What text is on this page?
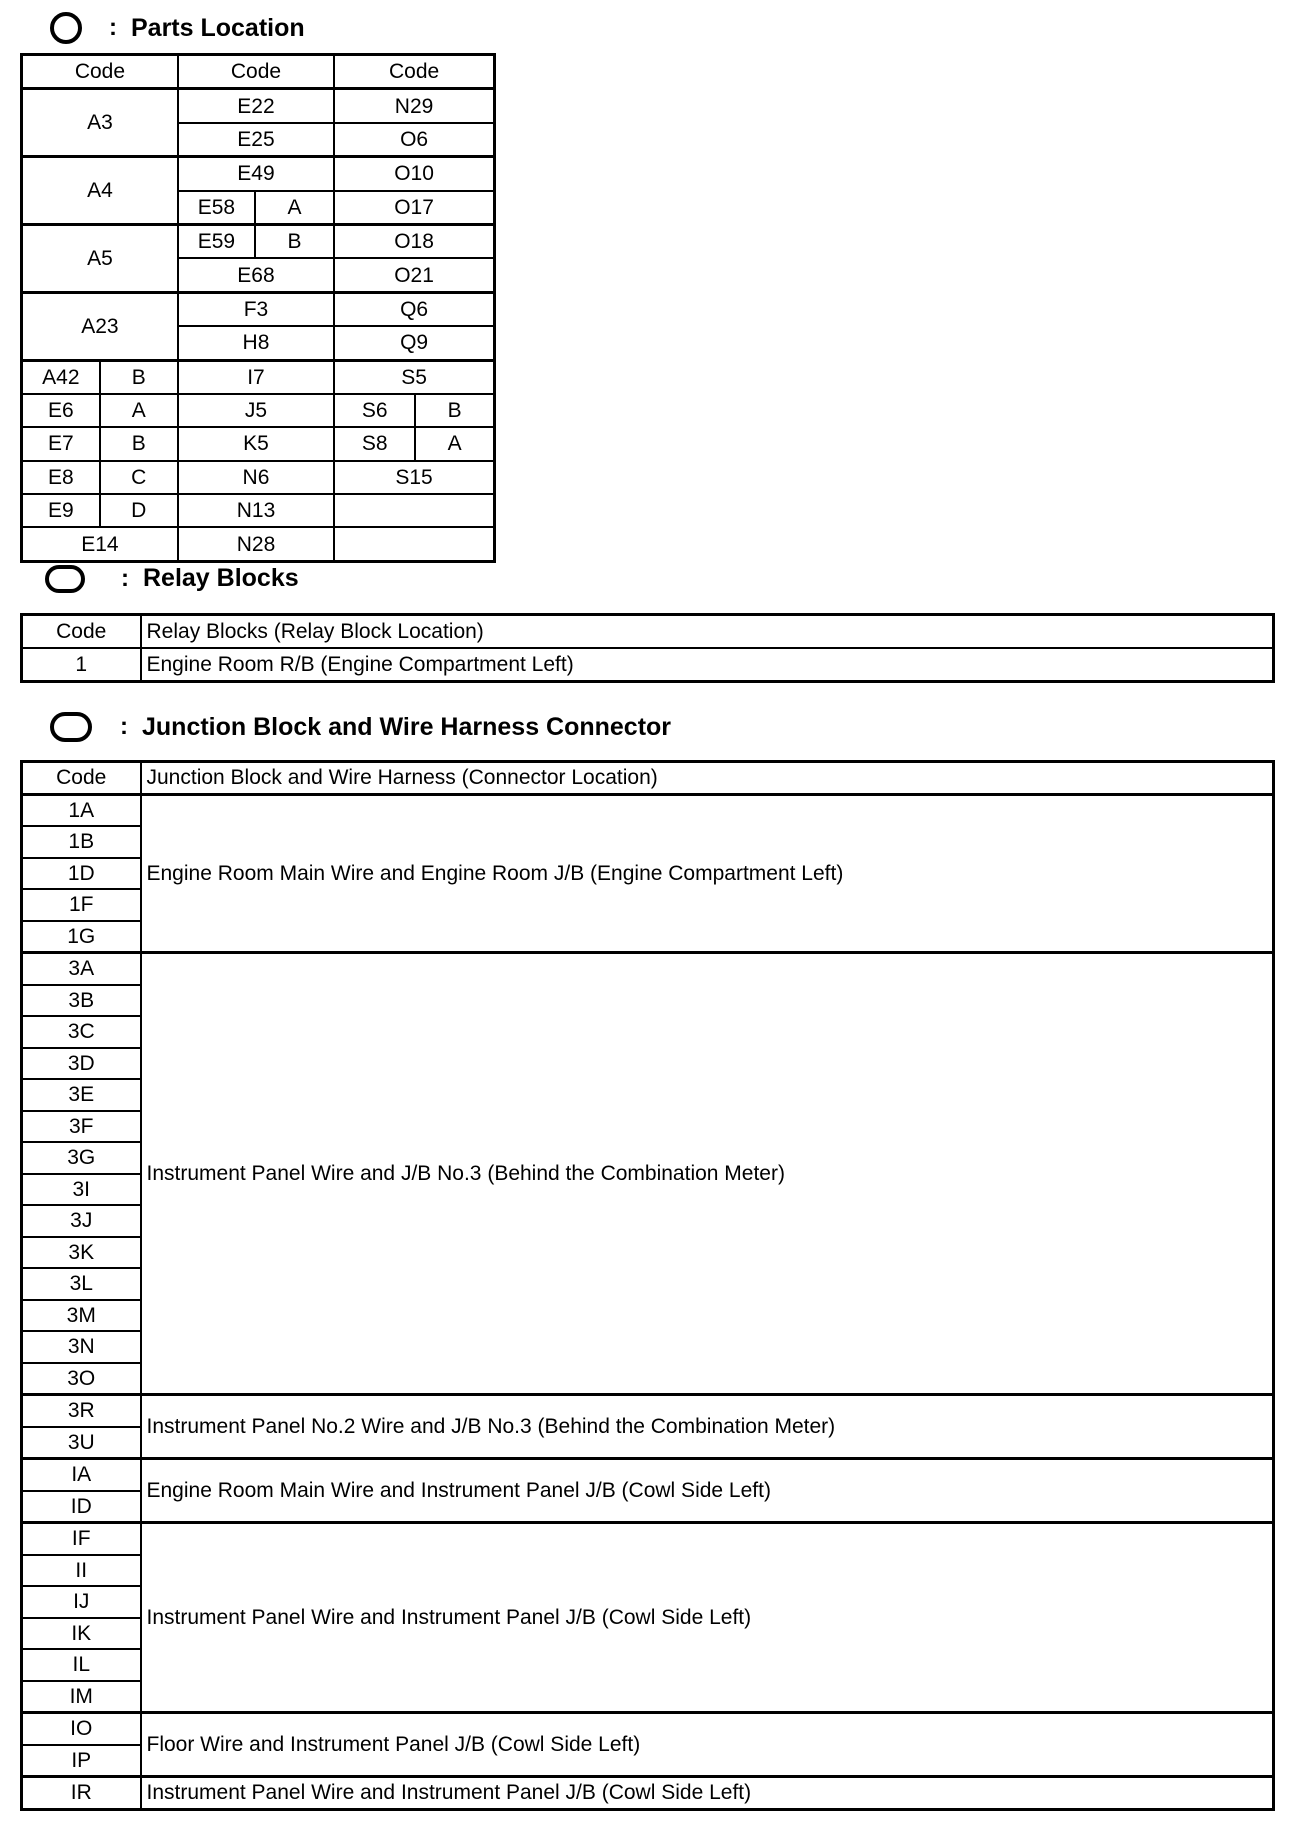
: Parts Location
Code		Code		Code	
A3		E22		N29	
		E25		O6	
A4		E49		O10	
		E58	A	O17	
A5		E59	B	O18	
		E68		O21	
A23		F3		Q6	
		H8		Q9	
A42	B	I7		S5	
E6	A	J5		S6	B
E7	B	K5		S8	A
E8	C	N6		S15	
E9	D	N13			
E14		N28			
: Relay Blocks
Code	Relay Blocks (Relay Block Location)
1	Engine Room R/B (Engine Compartment Left)
: Junction Block and Wire Harness Connector
Code	Junction Block and Wire Harness (Connector Location)
1A	Engine Room Main Wire and Engine Room J/B (Engine Compartment Left)
1B	
1D	
1F	
1G	
3A	Instrument Panel Wire and J/B No.3 (Behind the Combination Meter)
3B	
3C	
3D	
3E	
3F	
3G	
3I	
3J	
3K	
3L	
3M	
3N	
3O	
3R	Instrument Panel No.2 Wire and J/B No.3 (Behind the Combination Meter)
3U	
IA	Engine Room Main Wire and Instrument Panel J/B (Cowl Side Left)
ID	
IF	Instrument Panel Wire and Instrument Panel J/B (Cowl Side Left)
II	
IJ	
IK	
IL	
IM	
IO	Floor Wire and Instrument Panel J/B (Cowl Side Left)
IP	
IR	Instrument Panel Wire and Instrument Panel J/B (Cowl Side Left)
